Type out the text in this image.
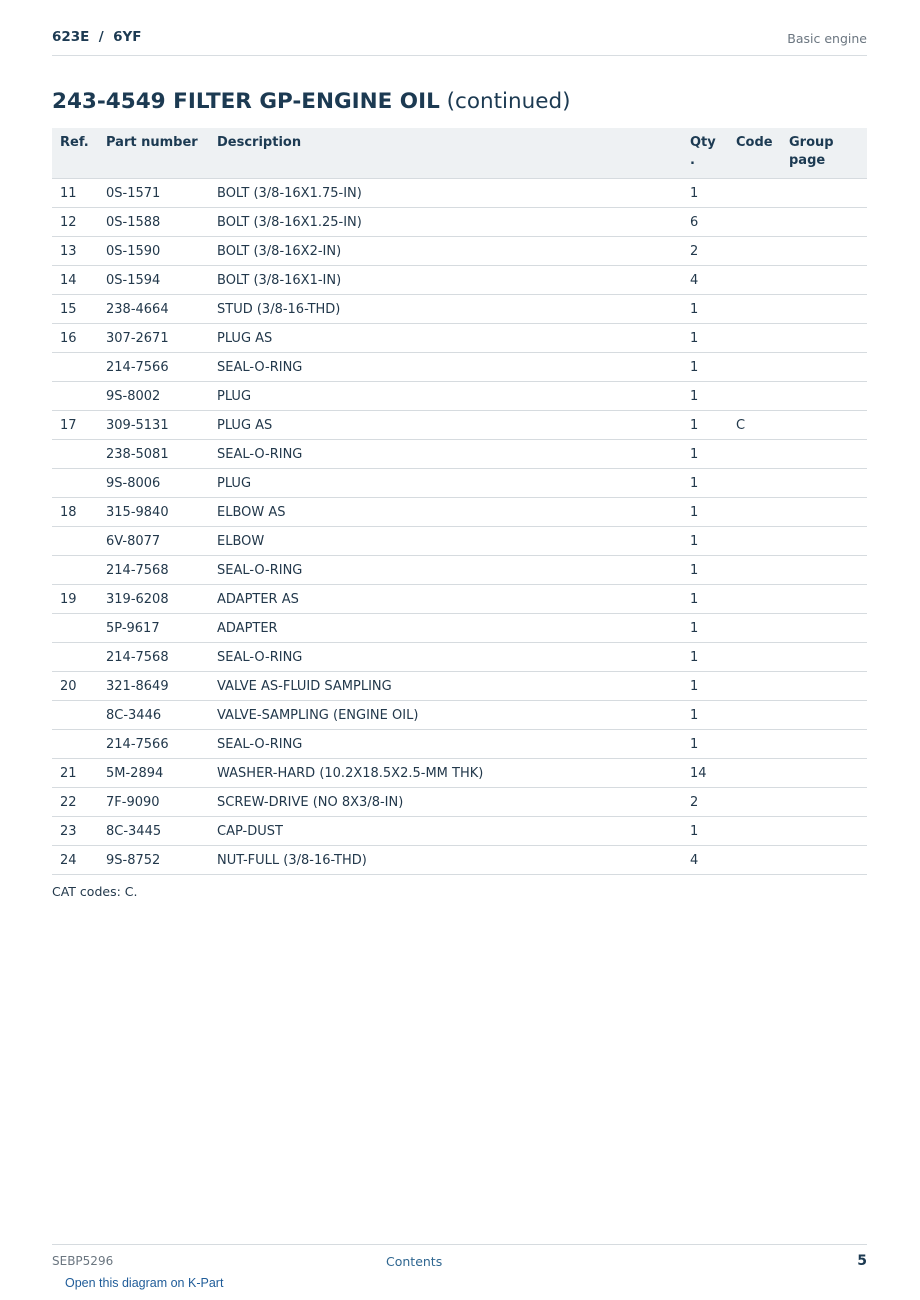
623E  /  6YF	Basic engine
243-4549 FILTER GP-ENGINE OIL (continued)
Ref.	Part number	Description	Qty .	Code	Group page
11	0S-1571	BOLT (3/8-16X1.75-IN)	1		
12	0S-1588	BOLT (3/8-16X1.25-IN)	6		
13	0S-1590	BOLT (3/8-16X2-IN)	2		
14	0S-1594	BOLT (3/8-16X1-IN)	4		
15	238-4664	STUD (3/8-16-THD)	1		
16	307-2671	PLUG AS	1		
	214-7566	SEAL-O-RING	1		
	9S-8002	PLUG	1		
17	309-5131	PLUG AS	1	C	
	238-5081	SEAL-O-RING	1		
	9S-8006	PLUG	1		
18	315-9840	ELBOW AS	1		
	6V-8077	ELBOW	1		
	214-7568	SEAL-O-RING	1		
19	319-6208	ADAPTER AS	1		
	5P-9617	ADAPTER	1		
	214-7568	SEAL-O-RING	1		
20	321-8649	VALVE AS-FLUID SAMPLING	1		
	8C-3446	VALVE-SAMPLING (ENGINE OIL)	1		
	214-7566	SEAL-O-RING	1		
21	5M-2894	WASHER-HARD (10.2X18.5X2.5-MM THK)	14		
22	7F-9090	SCREW-DRIVE (NO 8X3/8-IN)	2		
23	8C-3445	CAP-DUST	1		
24	9S-8752	NUT-FULL (3/8-16-THD)	4		
CAT codes: C.
SEBP5296	Contents	5
Open this diagram on K-Part
